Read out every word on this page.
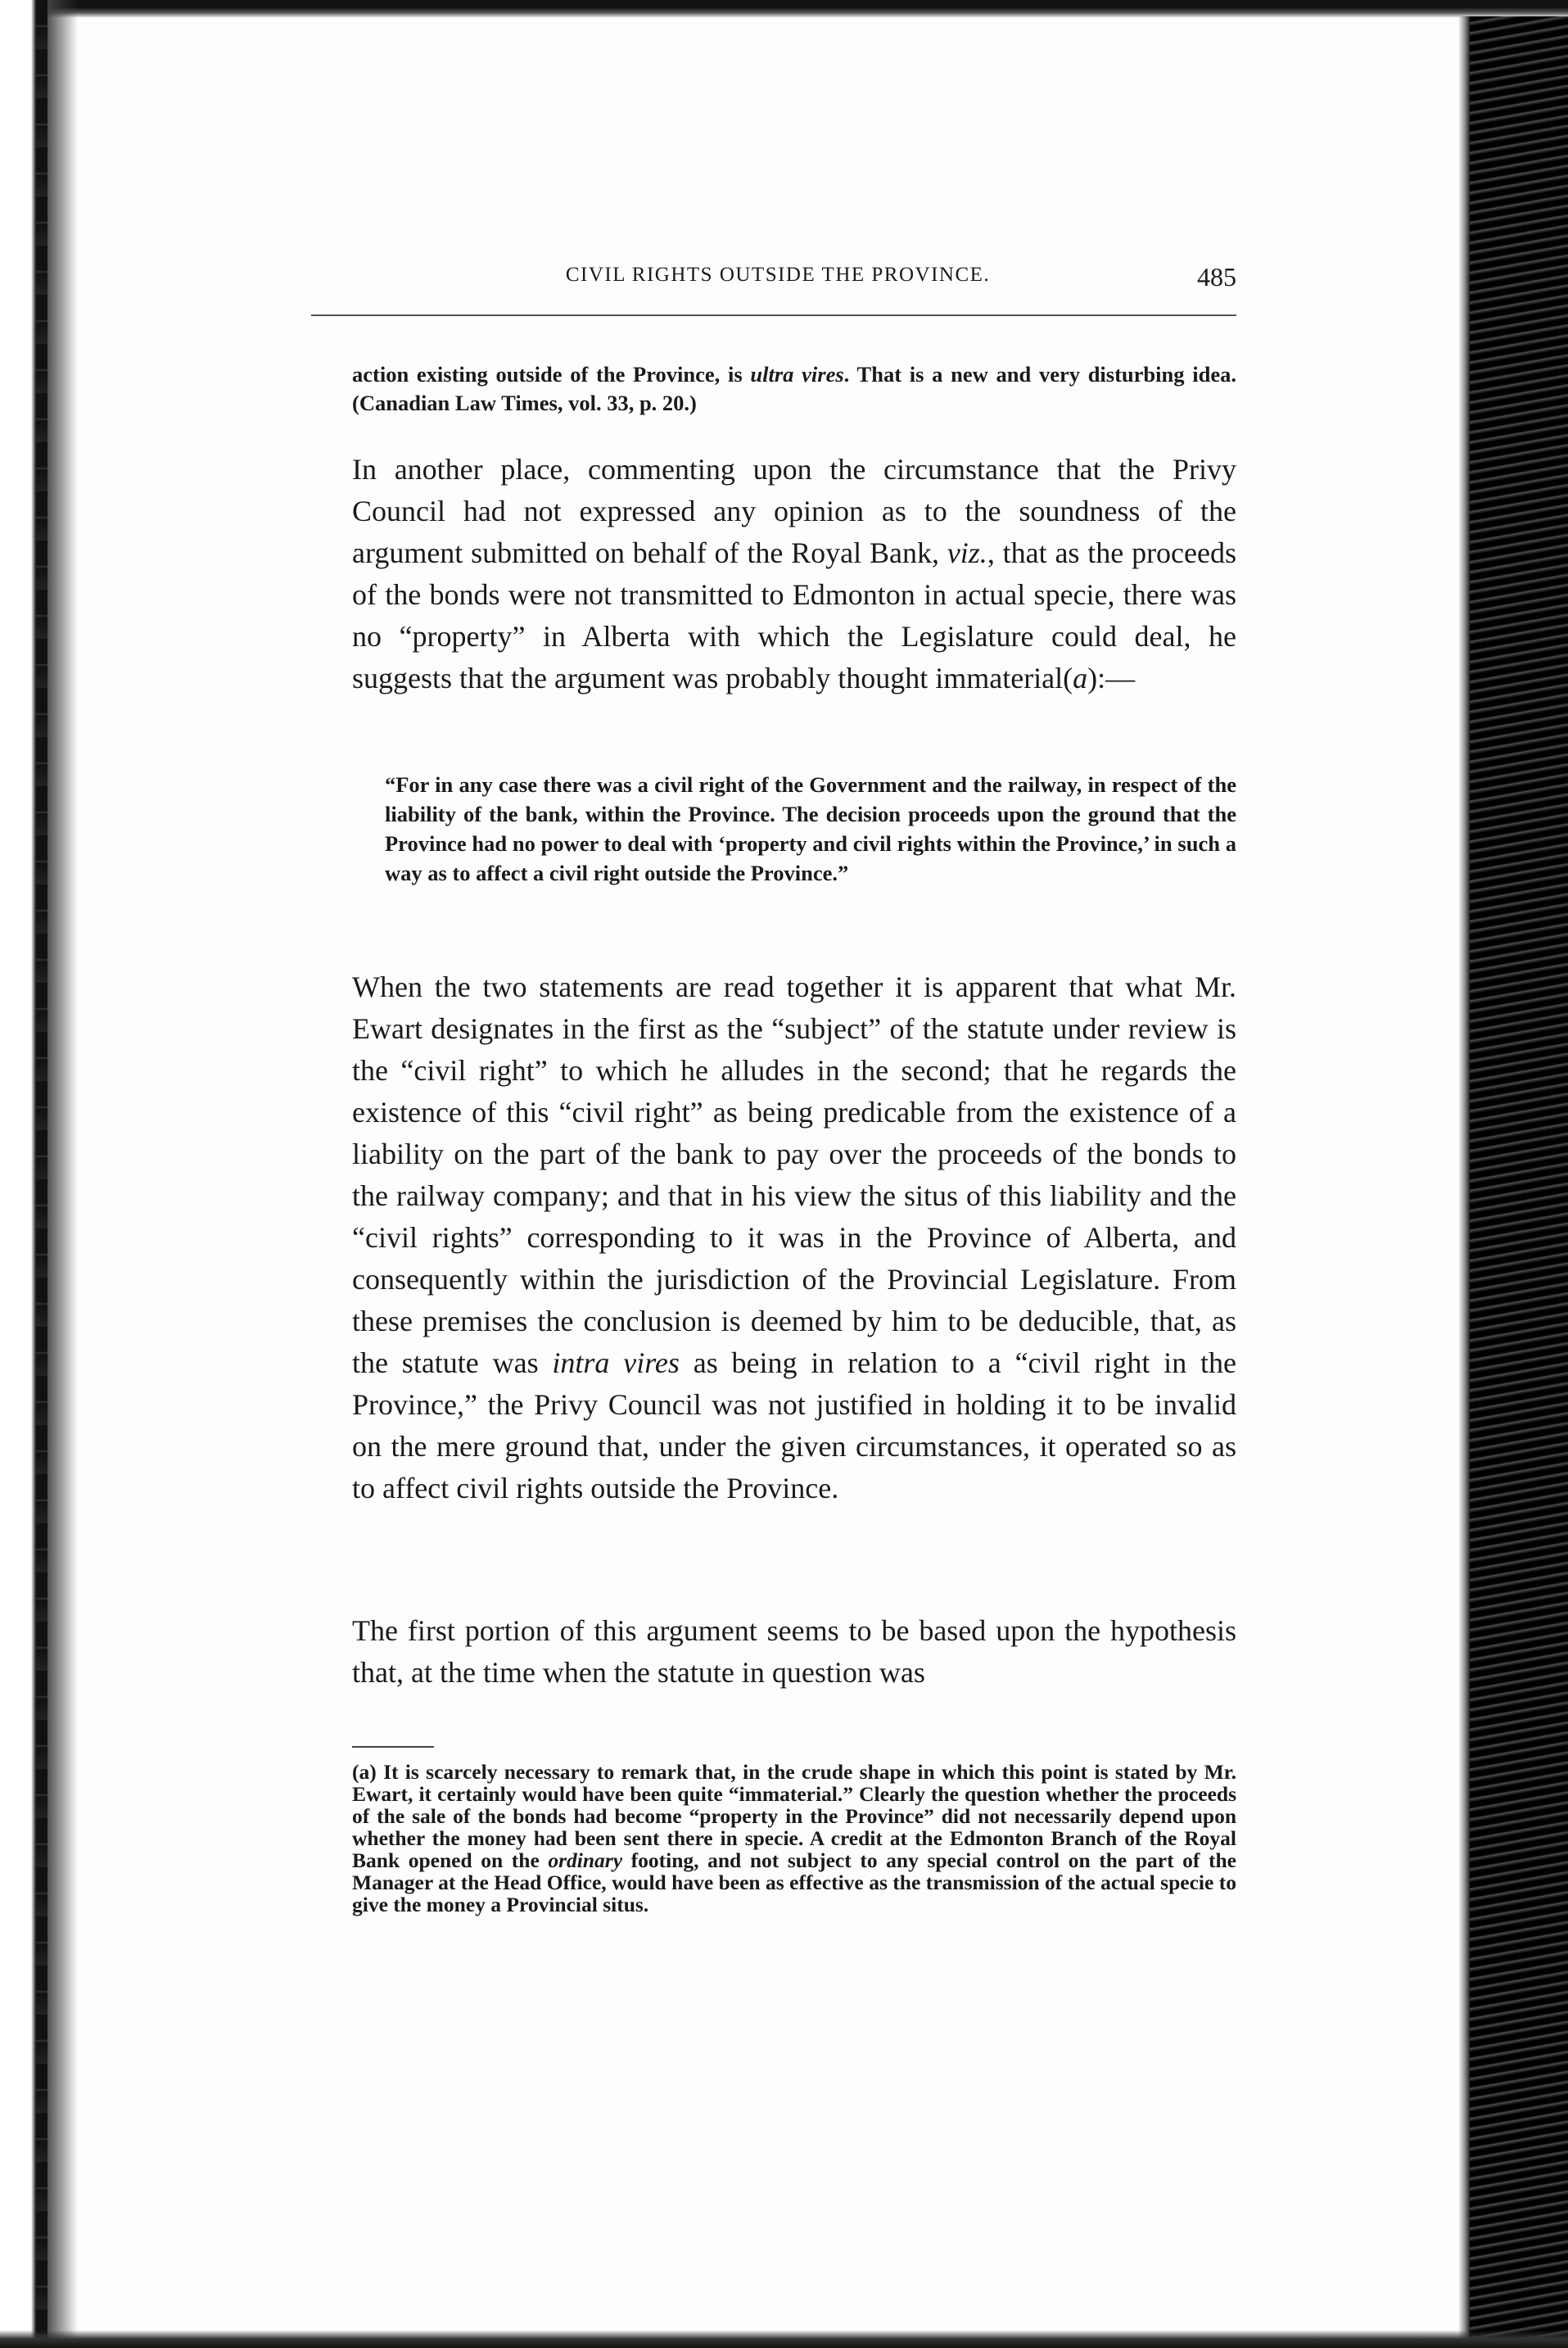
CIVIL RIGHTS OUTSIDE THE PROVINCE.	485
action existing outside of the Province, is ultra vires. That is a new and very disturbing idea. (Canadian Law Times, vol. 33, p. 20.)

In another place, commenting upon the circumstance that the Privy Council had not expressed any opinion as to the soundness of the argument submitted on behalf of the Royal Bank, viz., that as the proceeds of the bonds were not transmitted to Edmonton in actual specie, there was no “property” in Alberta with which the Legislature could deal, he suggests that the argument was probably thought immaterial(a):—

“For in any case there was a civil right of the Government and the railway, in respect of the liability of the bank, within the Province. The decision proceeds upon the ground that the Province had no power to deal with ‘property and civil rights within the Province,’ in such a way as to affect a civil right outside the Province.”

When the two statements are read together it is apparent that what Mr. Ewart designates in the first as the “subject” of the statute under review is the “civil right” to which he alludes in the second; that he regards the existence of this “civil right” as being predicable from the existence of a liability on the part of the bank to pay over the proceeds of the bonds to the railway company; and that in his view the situs of this liability and the “civil rights” corresponding to it was in the Province of Alberta, and consequently within the jurisdiction of the Provincial Legislature. From these premises the conclusion is deemed by him to be deducible, that, as the statute was intra vires as being in relation to a “civil right in the Province,” the Privy Council was not justified in holding it to be invalid on the mere ground that, under the given circumstances, it operated so as to affect civil rights outside the Province.

The first portion of this argument seems to be based upon the hypothesis that, at the time when the statute in question was

(a) It is scarcely necessary to remark that, in the crude shape in which this point is stated by Mr. Ewart, it certainly would have been quite “immaterial.” Clearly the question whether the proceeds of the sale of the bonds had become “property in the Province” did not necessarily depend upon whether the money had been sent there in specie. A credit at the Edmonton Branch of the Royal Bank opened on the ordinary footing, and not subject to any special control on the part of the Manager at the Head Office, would have been as effective as the transmission of the actual specie to give the money a Provincial situs.
